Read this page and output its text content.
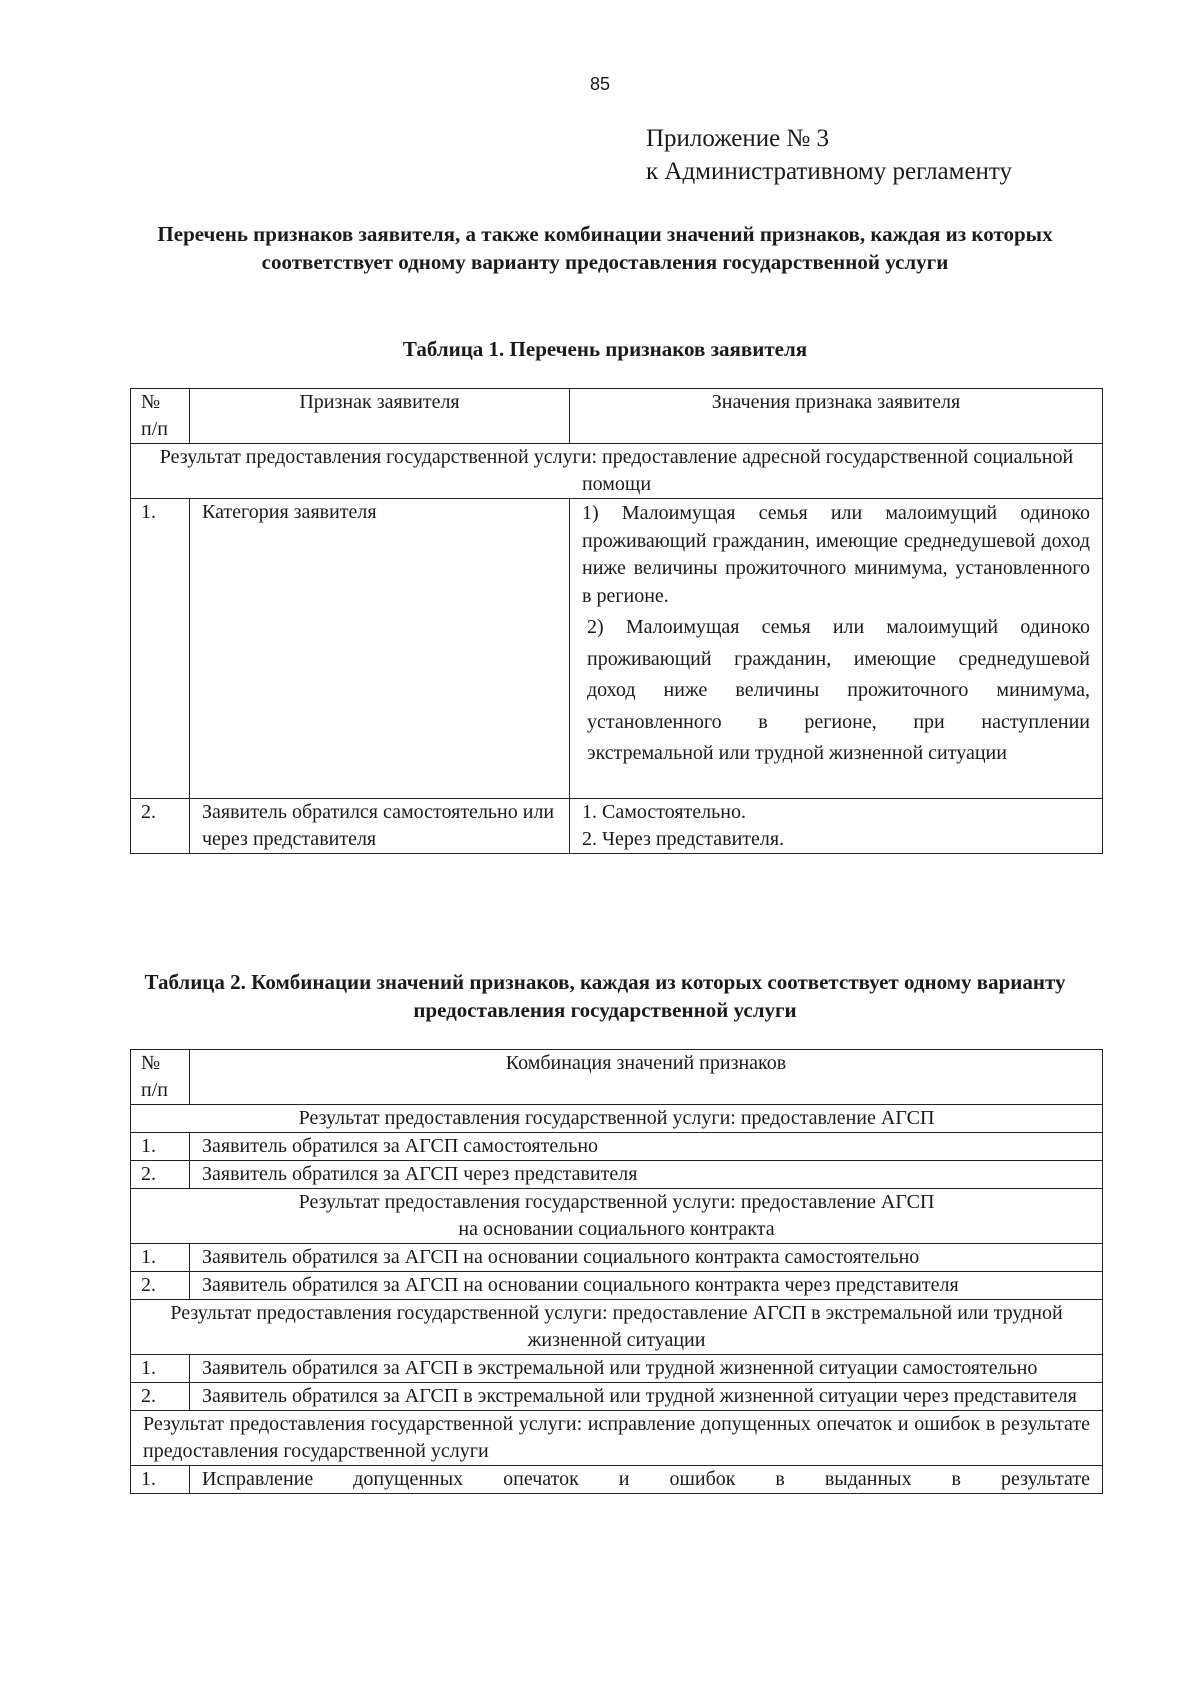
85
Приложение № 3
к Административному регламенту
Перечень признаков заявителя, а также комбинации значений признаков, каждая из которых соответствует одному варианту предоставления государственной услуги
Таблица 1. Перечень признаков заявителя
№ п/п	Признак заявителя	Значения признака заявителя
Результат предоставления государственной услуги: предоставление адресной государственной социальной помощи		
1.	Категория заявителя	1) Малоимущая семья или малоимущий одиноко проживающий гражданин, имеющие среднедушевой доход ниже величины прожиточного минимума, установленного в регионе.
2) Малоимущая семья или малоимущий одиноко проживающий гражданин, имеющие среднедушевой доход ниже величины прожиточного минимума, установленного в регионе, при наступлении экстремальной или трудной жизненной ситуации

2.	Заявитель обратился самостоятельно или через представителя	1. Самостоятельно.
2. Через представителя.
Таблица 2. Комбинации значений признаков, каждая из которых соответствует одному варианту предоставления государственной услуги
№ п/п	Комбинация значений признаков
Результат предоставления государственной услуги: предоставление АГСП	
1.	Заявитель обратился за АГСП самостоятельно
2.	Заявитель обратился за АГСП через представителя
Результат предоставления государственной услуги: предоставление АГСП на основании социального контракта	
1.	Заявитель обратился за АГСП на основании социального контракта самостоятельно
2.	Заявитель обратился за АГСП на основании социального контракта через представителя
Результат предоставления государственной услуги: предоставление АГСП в экстремальной или трудной жизненной ситуации	
1.	Заявитель обратился за АГСП в экстремальной или трудной жизненной ситуации самостоятельно
2.	Заявитель обратился за АГСП в экстремальной или трудной жизненной ситуации через представителя
Результат предоставления государственной услуги: исправление допущенных опечаток и ошибок в результате предоставления государственной услуги	
1.	Исправление допущенных опечаток и ошибок в выданных в результате
